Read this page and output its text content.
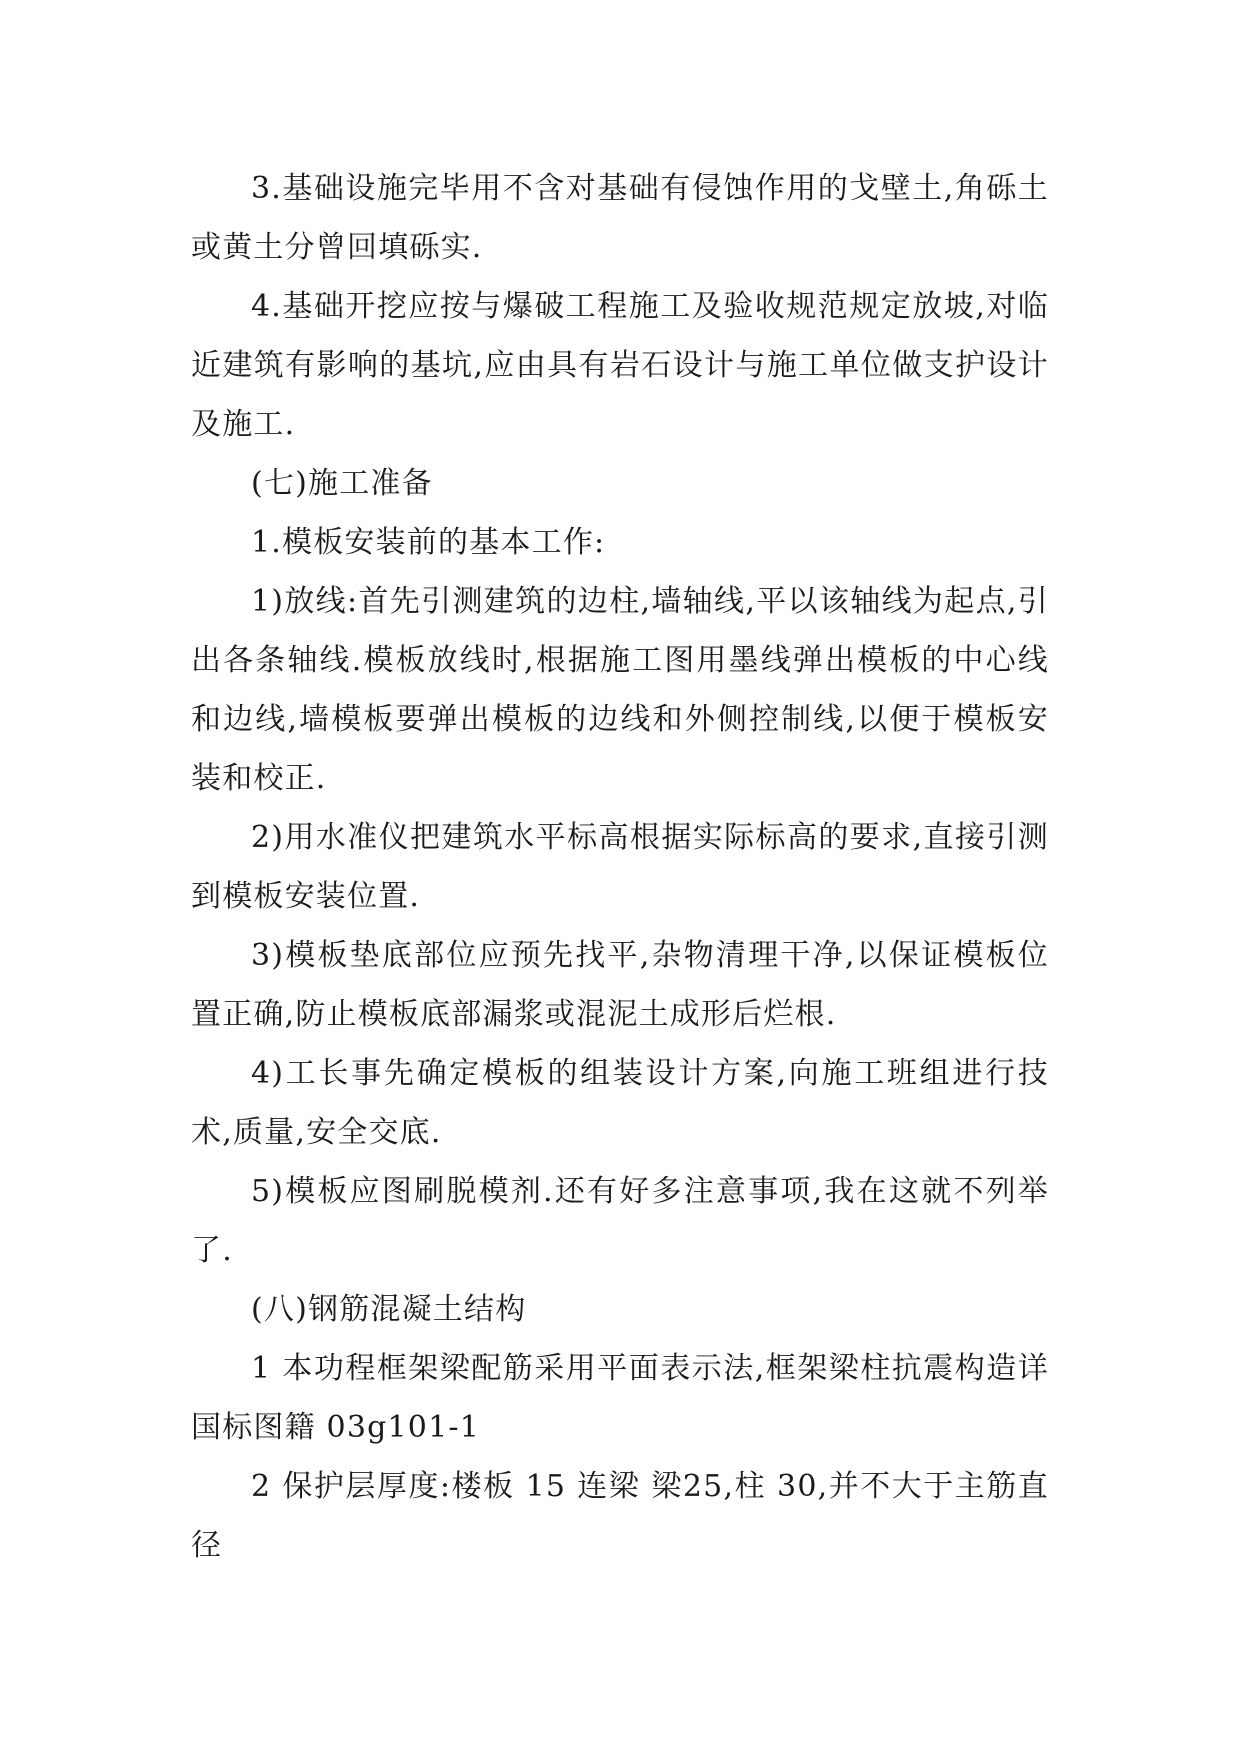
3.基础设施完毕用不含对基础有侵蚀作用的戈壁土,角砾土或黄土分曾回填砾实.

4.基础开挖应按与爆破工程施工及验收规范规定放坡,对临近建筑有影响的基坑,应由具有岩石设计与施工单位做支护设计及施工.

(七)施工准备

1.模板安装前的基本工作:

1)放线:首先引测建筑的边柱,墙轴线,平以该轴线为起点,引出各条轴线.模板放线时,根据施工图用墨线弹出模板的中心线和边线,墙模板要弹出模板的边线和外侧控制线,以便于模板安装和校正.

2)用水准仪把建筑水平标高根据实际标高的要求,直接引测到模板安装位置.

3)模板垫底部位应预先找平,杂物清理干净,以保证模板位置正确,防止模板底部漏浆或混泥土成形后烂根.

4)工长事先确定模板的组装设计方案,向施工班组进行技术,质量,安全交底.

5)模板应图刷脱模剂.还有好多注意事项,我在这就不列举了.

(八)钢筋混凝土结构

1 本功程框架梁配筋采用平面表示法,框架梁柱抗震构造详国标图籍 03g101-1

2 保护层厚度:楼板 15 连梁 梁25,柱 30,并不大于主筋直径
